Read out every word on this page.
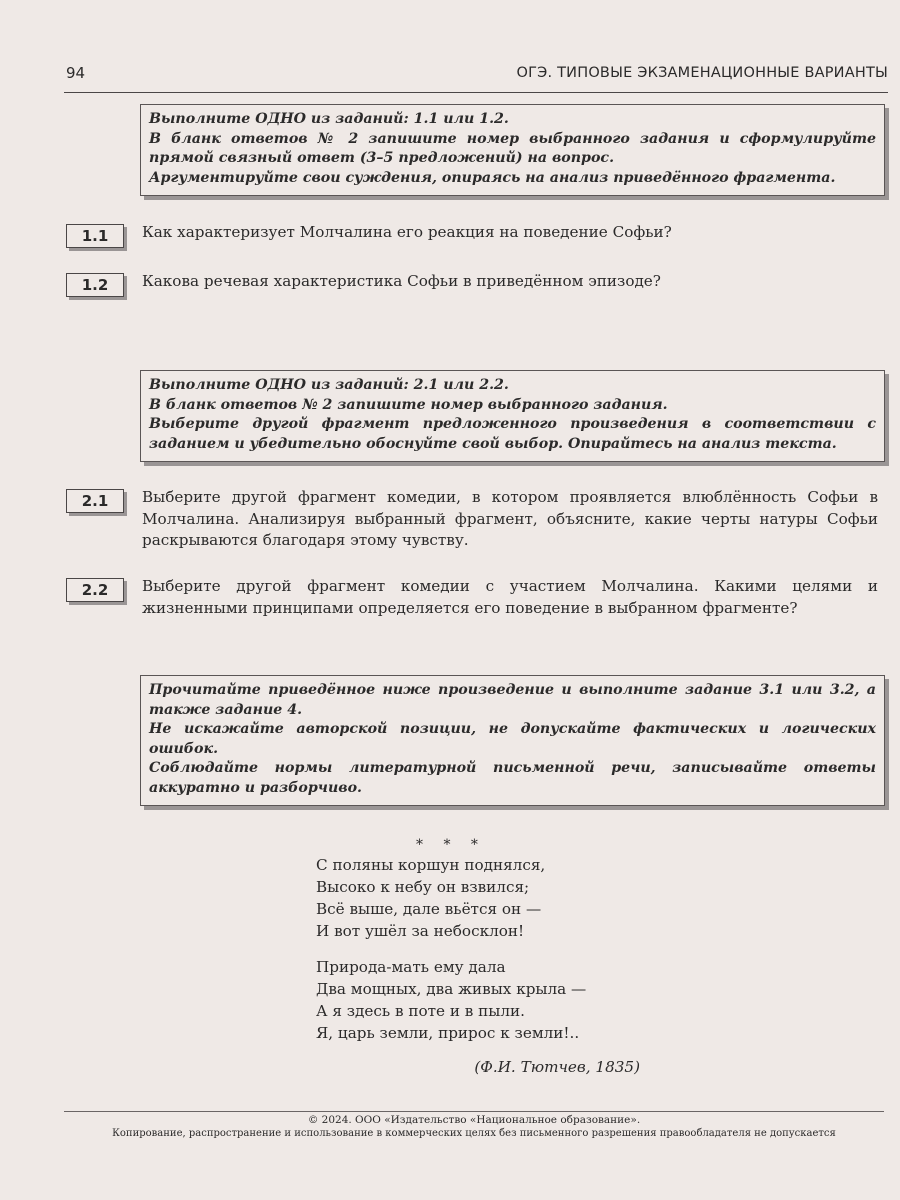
94	ОГЭ. ТИПОВЫЕ ЭКЗАМЕНАЦИОННЫЕ ВАРИАНТЫ

Выполните ОДНО из заданий: 1.1 или 1.2.

В бланк ответов № 2 запишите номер выбранного задания и сформулируйте прямой связный ответ (3–5 предложений) на вопрос.

Аргументируйте свои суждения, опираясь на анализ приведённого фрагмента.

1.1	Как характеризует Молчалина его реакция на поведение Софьи?
1.2	Какова речевая характеристика Софьи в приведённом эпизоде?

Выполните ОДНО из заданий: 2.1 или 2.2.

В бланк ответов № 2 запишите номер выбранного задания.

Выберите другой фрагмент предложенного произведения в соответствии с заданием и убедительно обоснуйте свой выбор. Опирайтесь на анализ текста.

2.1	Выберите другой фрагмент комедии, в котором проявляется влюблённость Софьи в Молчалина. Анализируя выбранный фрагмент, объясните, какие черты натуры Софьи раскрываются благодаря этому чувству.
2.2	Выберите другой фрагмент комедии с участием Молчалина. Какими целями и жизненными принципами определяется его поведение в выбранном фрагменте?

Прочитайте приведённое ниже произведение и выполните задание 3.1 или 3.2, а также задание 4.

Не искажайте авторской позиции, не допускайте фактических и логических ошибок.

Соблюдайте нормы литературной письменной речи, записывайте ответы аккуратно и разборчиво.

* * *
С поляны коршун поднялся,
Высоко к небу он взвился;
Всё выше, дале вьётся он —
И вот ушёл за небосклон!
Природа-мать ему дала
Два мощных, два живых крыла —
А я здесь в поте и в пыли.
Я, царь земли, прирос к земли!..
(Ф.И. Тютчев, 1835)
© 2024. ООО «Издательство «Национальное образование».
Копирование, распространение и использование в коммерческих целях без письменного разрешения правообладателя не допускается
